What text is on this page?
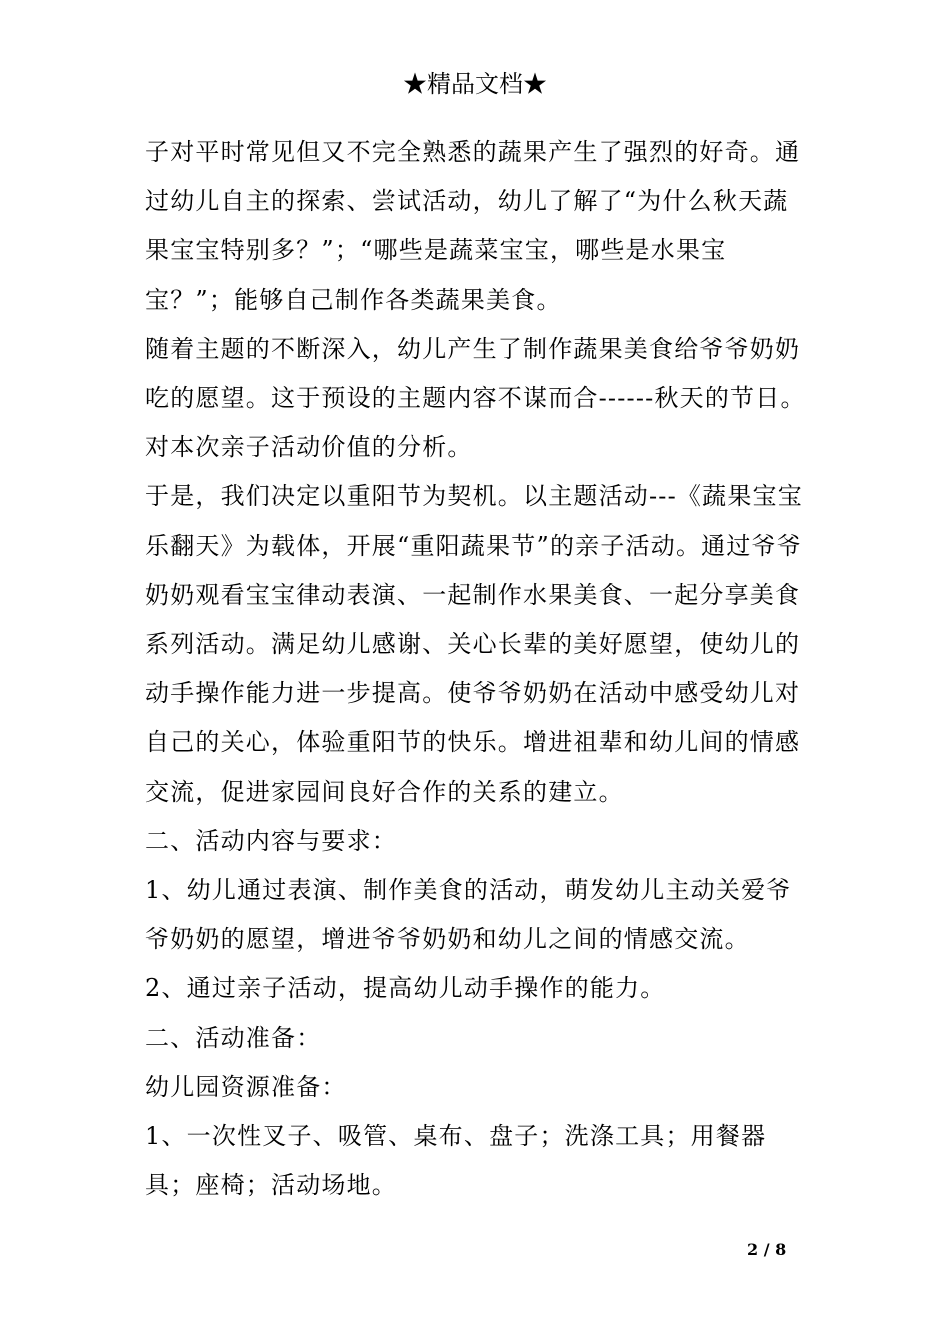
★精品文档★

子对平时常见但又不完全熟悉的蔬果产生了强烈的好奇。通过幼儿自主的探索、尝试活动，幼儿了解了“为什么秋天蔬果宝宝特别多？”；“哪些是蔬菜宝宝，哪些是水果宝宝？”；能够自己制作各类蔬果美食。

随着主题的不断深入，幼儿产生了制作蔬果美食给爷爷奶奶吃的愿望。这于预设的主题内容不谋而合------秋天的节日。

对本次亲子活动价值的分析。

于是，我们决定以重阳节为契机。以主题活动---《蔬果宝宝乐翻天》为载体，开展“重阳蔬果节”的亲子活动。通过爷爷奶奶观看宝宝律动表演、一起制作水果美食、一起分享美食系列活动。满足幼儿感谢、关心长辈的美好愿望，使幼儿的动手操作能力进一步提高。使爷爷奶奶在活动中感受幼儿对自己的关心，体验重阳节的快乐。增进祖辈和幼儿间的情感交流，促进家园间良好合作的关系的建立。

二、活动内容与要求：

1、幼儿通过表演、制作美食的活动，萌发幼儿主动关爱爷爷奶奶的愿望，增进爷爷奶奶和幼儿之间的情感交流。

2、通过亲子活动，提高幼儿动手操作的能力。

二、活动准备：

幼儿园资源准备：

1、一次性叉子、吸管、桌布、盘子；洗涤工具；用餐器具；座椅；活动场地。

2 / 8
